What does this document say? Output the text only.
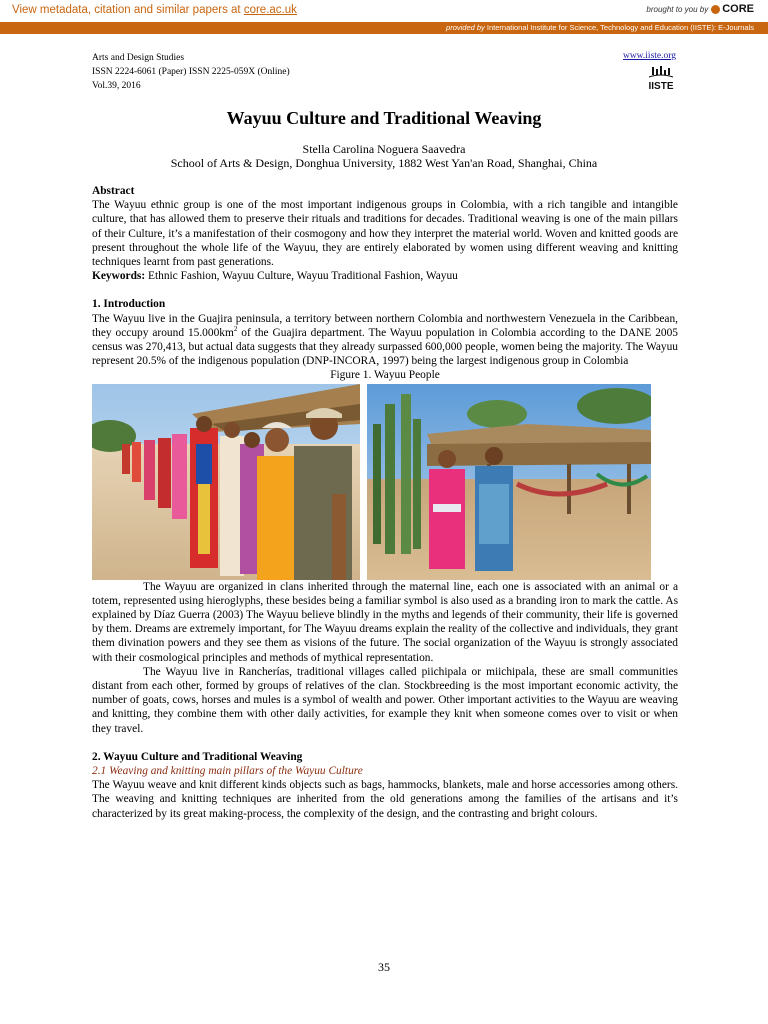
View metadata, citation and similar papers at core.ac.uk	brought to you by CORE
provided by International Institute for Science, Technology and Education (IISTE): E-Journals
Arts and Design Studies
ISSN 2224-6061 (Paper) ISSN 2225-059X (Online)
Vol.39, 2016
www.iiste.org
IISTE
Wayuu Culture and Traditional Weaving
Stella Carolina Noguera Saavedra
School of Arts & Design, Donghua University, 1882 West Yan'an Road, Shanghai, China

Abstract

The Wayuu ethnic group is one of the most important indigenous groups in Colombia, with a rich tangible and intangible culture, that has allowed them to preserve their rituals and traditions for decades. Traditional weaving is one of the main pillars of their Culture, it’s a manifestation of their cosmogony and how they interpret the material world. Woven and knitted goods are present throughout the whole life of the Wayuu, they are entirely elaborated by women using different weaving and knitting techniques learnt from past generations.

Keywords: Ethnic Fashion, Wayuu Culture, Wayuu Traditional Fashion, Wayuu

1. Introduction

The Wayuu live in the Guajira peninsula, a territory between northern Colombia and northwestern Venezuela in the Caribbean, they occupy around $15.000km^2$ of the Guajira department. The Wayuu population in Colombia according to the DANE 2005 census was 270,413, but actual data suggests that they already surpassed 600,000 people, women being the majority. The Wayuu represent 20.5% of the indigenous population (DNP-INCORA, 1997) being the largest indigenous group in Colombia

Figure 1. Wayuu People

The Wayuu are organized in clans inherited through the maternal line, each one is associated with an animal or a totem, represented using hieroglyphs, these besides being a familiar symbol is also used as a branding iron to mark the cattle. As explained by Díaz Guerra (2003) The Wayuu believe blindly in the myths and legends of their community, their life is governed by them. Dreams are extremely important, for The Wayuu dreams explain the reality of the collective and individuals, they grant them divination powers and they see them as visions of the future. The social organization of the Wayuu is strongly associated with their cosmological principles and methods of mythical representation.

The Wayuu live in Rancherías, traditional villages called piichipala or miichipala, these are small communities distant from each other, formed by groups of relatives of the clan. Stockbreeding is the most important economic activity, the number of goats, cows, horses and mules is a symbol of wealth and power. Other important activities to the Wayuu are weaving and knitting, they combine them with other daily activities, for example they knit when someone comes over to visit or when they travel.

2. Wayuu Culture and Traditional Weaving

2.1 Weaving and knitting main pillars of the Wayuu Culture

The Wayuu weave and knit different kinds objects such as bags, hammocks, blankets, male and horse accessories among others. The weaving and knitting techniques are inherited from the old generations among the families of the artisans and it’s characterized by its great making-process, the complexity of the design, and the contrasting and bright colours.

35
